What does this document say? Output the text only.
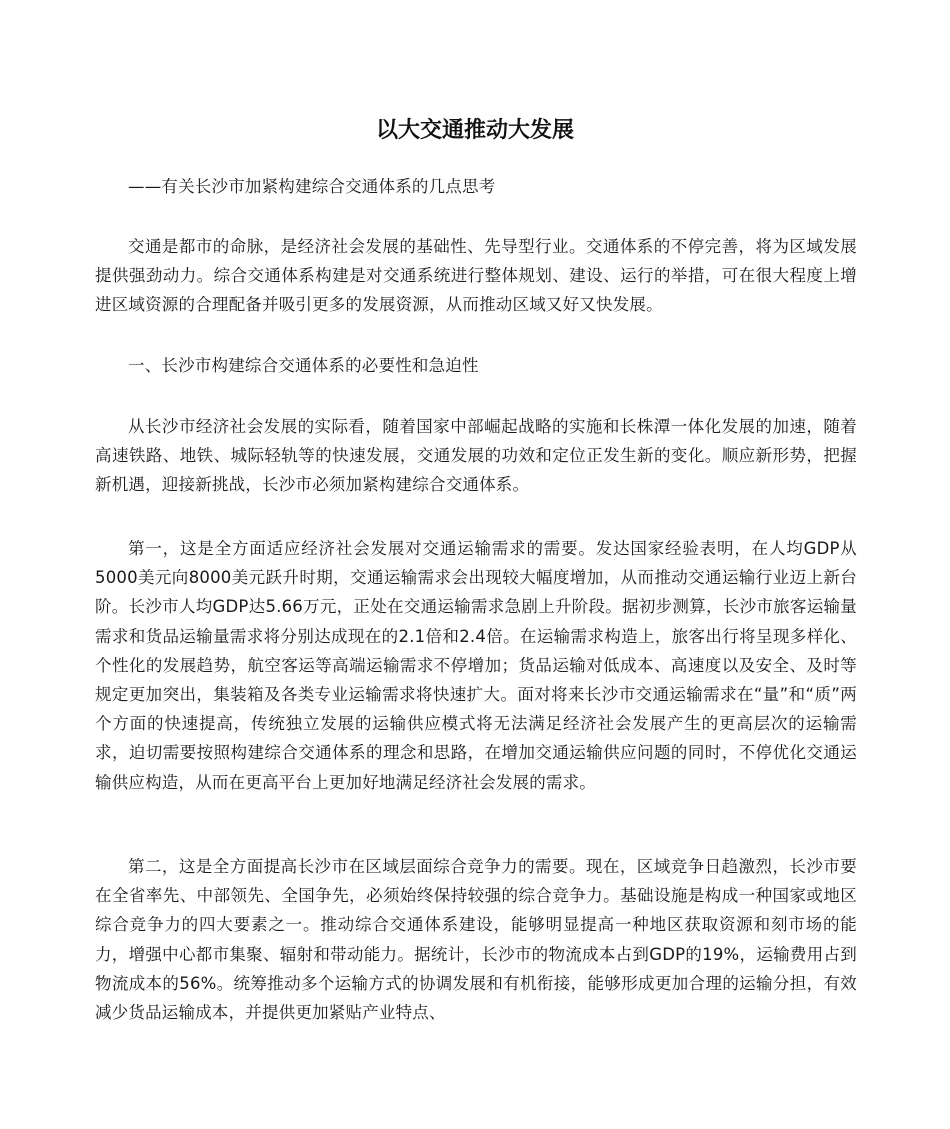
以大交通推动大发展

——有关长沙市加紧构建综合交通体系的几点思考

交通是都市的命脉，是经济社会发展的基础性、先导型行业。交通体系的不停完善，将为区域发展提供强劲动力。综合交通体系构建是对交通系统进行整体规划、建设、运行的举措，可在很大程度上增进区域资源的合理配备并吸引更多的发展资源，从而推动区域又好又快发展。

一、长沙市构建综合交通体系的必要性和急迫性

从长沙市经济社会发展的实际看，随着国家中部崛起战略的实施和长株潭一体化发展的加速，随着高速铁路、地铁、城际轻轨等的快速发展，交通发展的功效和定位正发生新的变化。顺应新形势，把握新机遇，迎接新挑战，长沙市必须加紧构建综合交通体系。

第一，这是全方面适应经济社会发展对交通运输需求的需要。发达国家经验表明，在人均GDP从5000美元向8000美元跃升时期，交通运输需求会出现较大幅度增加，从而推动交通运输行业迈上新台阶。长沙市人均GDP达5.66万元，正处在交通运输需求急剧上升阶段。据初步测算，长沙市旅客运输量需求和货品运输量需求将分别达成现在的2.1倍和2.4倍。在运输需求构造上，旅客出行将呈现多样化、个性化的发展趋势，航空客运等高端运输需求不停增加；货品运输对低成本、高速度以及安全、及时等规定更加突出，集装箱及各类专业运输需求将快速扩大。面对将来长沙市交通运输需求在“量”和“质”两个方面的快速提高，传统独立发展的运输供应模式将无法满足经济社会发展产生的更高层次的运输需求，迫切需要按照构建综合交通体系的理念和思路，在增加交通运输供应问题的同时，不停优化交通运输供应构造，从而在更高平台上更加好地满足经济社会发展的需求。

第二，这是全方面提高长沙市在区域层面综合竞争力的需要。现在，区域竞争日趋激烈，长沙市要在全省率先、中部领先、全国争先，必须始终保持较强的综合竞争力。基础设施是构成一种国家或地区综合竞争力的四大要素之一。推动综合交通体系建设，能够明显提高一种地区获取资源和刻市场的能力，增强中心都市集聚、辐射和带动能力。据统计，长沙市的物流成本占到GDP的19%，运输费用占到物流成本的56%。统筹推动多个运输方式的协调发展和有机衔接，能够形成更加合理的运输分担，有效减少货品运输成本，并提供更加紧贴产业特点、
